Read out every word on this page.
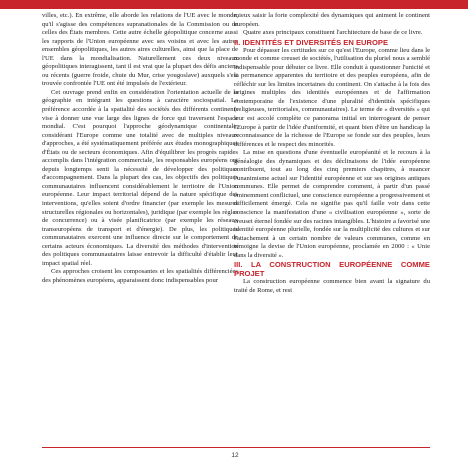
villes, etc.). En extrême, elle aborde les relations de l'UE avec le monde, qu'il s'agisse des compétences supranationales de la Commission ou de celles des États membres. Cette autre échelle géopolitique concerne aussi les rapports de l'Union européenne avec ses voisins et avec les autres ensembles géopolitiques, les autres aires culturelles, ainsi que la place de l'UE dans la mondialisation. Naturellement ces deux niveaux géopolitiques interagissent, tant il est vrai que la plupart des défis anciens ou récents (guerre froide, chute du Mur, crise yougoslave) auxquels s'est trouvée confrontée l'UE ont été impulsés de l'extérieur.

Cet ouvrage prend enfin en considération l'orientation actuelle de la géographie en intégrant les questions à caractère sociospatial. La préférence accordée à la spatialité des sociétés des différents continents vise à donner une vue large des lignes de force qui traversent l'espace mondial. C'est pourquoi l'approche géodynamique continentale, considérant l'Europe comme une totalité avec de multiples niveaux d'approches, a été systématiquement préférée aux études monographiques d'États ou de secteurs économiques. Afin d'équilibrer les progrès rapides accomplis dans l'intégration commerciale, les responsables européens ont depuis longtemps senti la nécessité de développer des politiques d'accompagnement. Dans la plupart des cas, les objectifs des politiques communautaires influencent considérablement le territoire de l'Union européenne. Leur impact territorial dépend de la nature spécifique des interventions, qu'elles soient d'ordre financier (par exemple les mesures structurelles régionales ou horizontales), juridique (par exemple les règles de concurrence) ou à visée planificatrice (par exemple les réseaux transeuropéens de transport et d'énergie). De plus, les politiques communautaires exercent une influence directe sur le comportement de certains acteurs économiques. La diversité des méthodes d'intervention des politiques communautaires laisse entrevoir la difficulté d'établir leur impact spatial réel.

Ces approches croisent les composantes et les spatialités différenciées des phénomènes européens, apparaissent donc indispensables pour

mieux saisir la forte complexité des dynamiques qui animent le continent européen.

Quatre axes principaux constituent l'architecture de base de ce livre.

II. IDENTITÉS ET DIVERSITÉS EN EUROPE

Pour dépasser les certitudes sur ce qu'est l'Europe, comme lieu dans le monde et comme creuset de sociétés, l'utilisation du pluriel nous a semblé indispensable pour débuter ce livre. Elle conduit à questionner l'unicité et la permanence apparentes du territoire et des peuples européens, afin de réfléchir sur les limites incertaines du continent. On s'attache à la fois des origines multiples des identités européennes et de l'affirmation contemporaine de l'existence d'une pluralité d'identités spécifiques (religieuses, territoriales, communautaires). Le terme de « diversités » qui leur est accolé complète ce panorama initial en interrogeant de penser l'Europe à partir de l'idée d'uniformité, et quant bien d'être un handicap la reconnaissance de la richesse de l'Europe se fonde sur des peuples, leurs différences et le respect des minorités.

La mise en questions d'une éventuelle européanité et le recours à la généalogie des dynamiques et des déclinaisons de l'idée européenne contribuent, tout au long des cinq premiers chapitres, à nuancer l'unanimisme actuel sur l'identité européenne et sur ses origines antiques communes. Elle permet de comprendre comment, à partir d'un passé éminemment conflictuel, une conscience européenne a progressivement et difficilement émergé. Cela ne signifie pas qu'il faille voir dans cette conscience la manifestation d'une « civilisation européenne », sorte de creuset éternel fondée sur des racines intangibles. L'histoire a favorisé une identité européenne plurielle, fondée sur la multiplicité des cultures et sur l'attachement à un certain nombre de valeurs communes, comme en témoigne la devise de l'Union européenne, proclamée en 2000 : « Unie dans la diversité ».

III. LA CONSTRUCTION EUROPÉENNE COMME PROJET

La construction européenne commence bien avant la signature du traité de Rome, et rest

12
